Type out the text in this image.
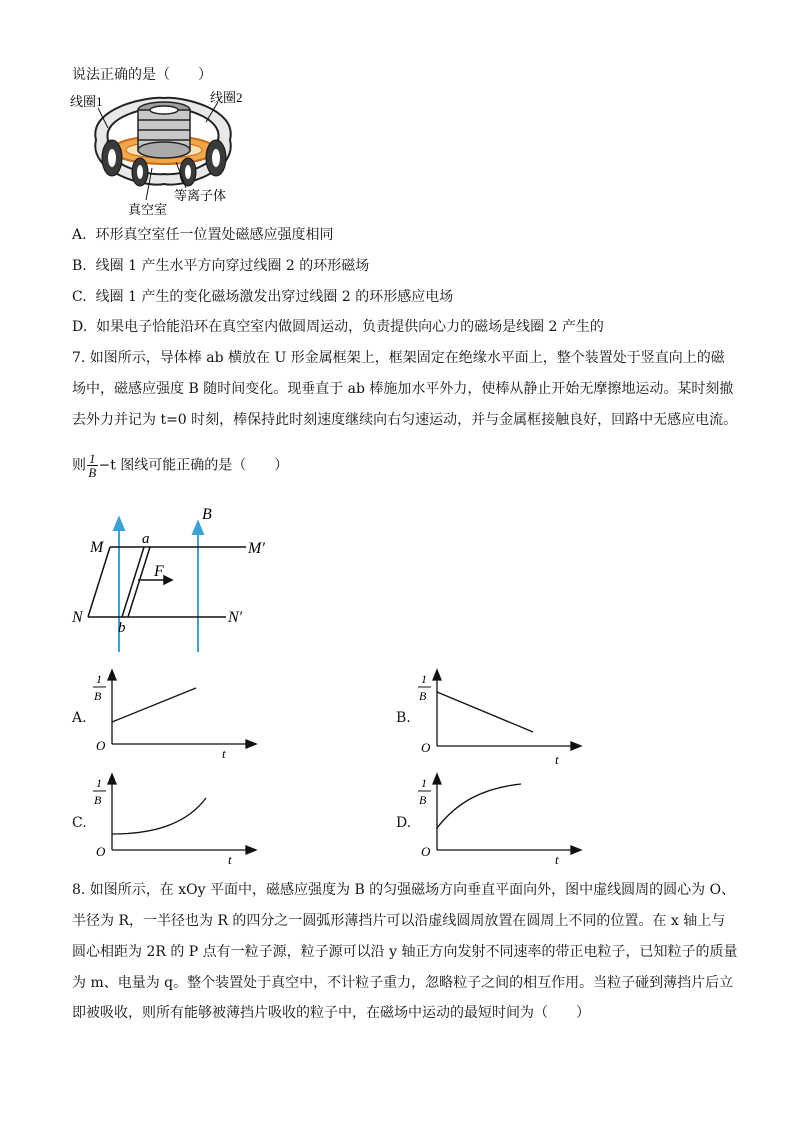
说法正确的是（　　）
线圈1	线圈2
等离子体
真空室
A. 环形真空室任一位置处磁感应强度相同
B. 线圈 1 产生水平方向穿过线圈 2 的环形磁场
C. 线圈 1 产生的变化磁场激发出穿过线圈 2 的环形感应电场
D. 如果电子恰能沿环在真空室内做圆周运动，负责提供向心力的磁场是线圈 2 产生的
7. 如图所示，导体棒 ab 横放在 U 形金属框架上，框架固定在绝缘水平面上，整个装置处于竖直向上的磁
场中，磁感应强度 B 随时间变化。现垂直于 ab 棒施加水平外力，使棒从静止开始无摩擦地运动。某时刻撤
去外力并记为 t=0 时刻，棒保持此时刻速度继续向右匀速运动，并与金属框接触良好，回路中无感应电流。
则 $\frac{1}{B} -t$ 图线可能正确的是（　　）
B
M	M′
N	N′
a
b
F
A.
1
B
O
t
B.
1
B
O
t
C.
1
B
O
t
D.
1
B
O
t
8. 如图所示，在 xOy 平面中，磁感应强度为 B 的匀强磁场方向垂直平面向外，图中虚线圆周的圆心为 O、
半径为 R，一半径也为 R 的四分之一圆弧形薄挡片可以沿虚线圆周放置在圆周上不同的位置。在 x 轴上与
圆心相距为 2R 的 P 点有一粒子源，粒子源可以沿 y 轴正方向发射不同速率的带正电粒子，已知粒子的质量
为 m、电量为 q。整个装置处于真空中，不计粒子重力，忽略粒子之间的相互作用。当粒子碰到薄挡片后立
即被吸收，则所有能够被薄挡片吸收的粒子中，在磁场中运动的最短时间为（　　）
